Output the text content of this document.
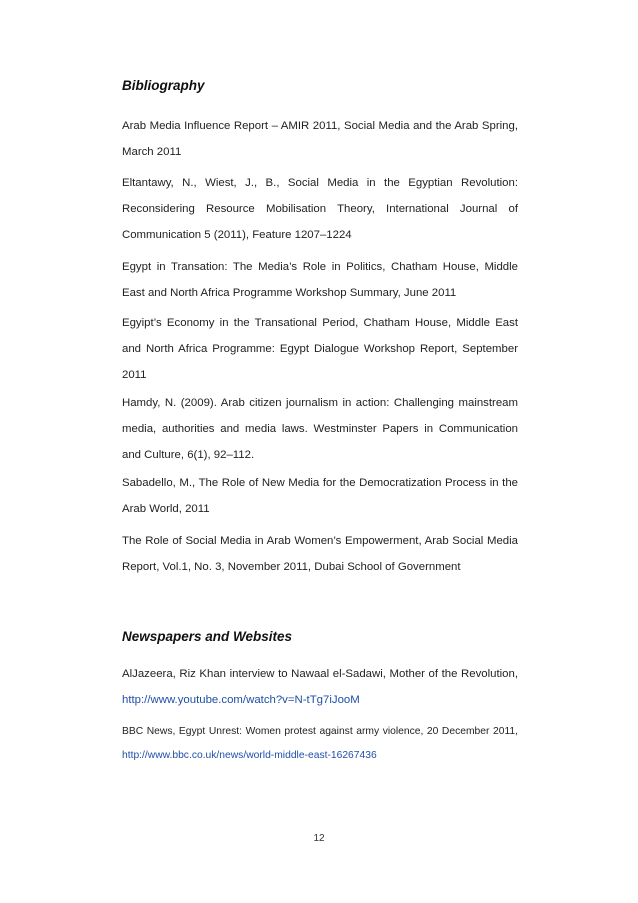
Bibliography

Arab Media Influence Report – AMIR 2011, Social Media and the Arab Spring, March 2011

Eltantawy, N., Wiest, J., B., Social Media in the Egyptian Revolution: Reconsidering Resource Mobilisation Theory, International Journal of Communication 5 (2011), Feature 1207–1224

Egypt in Transation: The Media’s Role in Politics, Chatham House, Middle East and North Africa Programme Workshop Summary, June 2011

Egyipt’s Economy in the Transational Period, Chatham House, Middle East and North Africa Programme: Egypt Dialogue Workshop Report, September 2011

Hamdy, N. (2009). Arab citizen journalism in action: Challenging mainstream media, authorities and media laws. Westminster Papers in Communication and Culture, 6(1), 92–112.

Sabadello, M., The Role of New Media for the Democratization Process in the Arab World, 2011

The Role of Social Media in Arab Women’s Empowerment, Arab Social Media Report, Vol.1, No. 3, November 2011, Dubai School of Government

Newspapers and Websites

AlJazeera, Riz Khan interview to Nawaal el-Sadawi, Mother of the Revolution, http://www.youtube.com/watch?v=N-tTg7iJooM

BBC News, Egypt Unrest: Women protest against army violence, 20 December 2011, http://www.bbc.co.uk/news/world-middle-east-16267436

12
